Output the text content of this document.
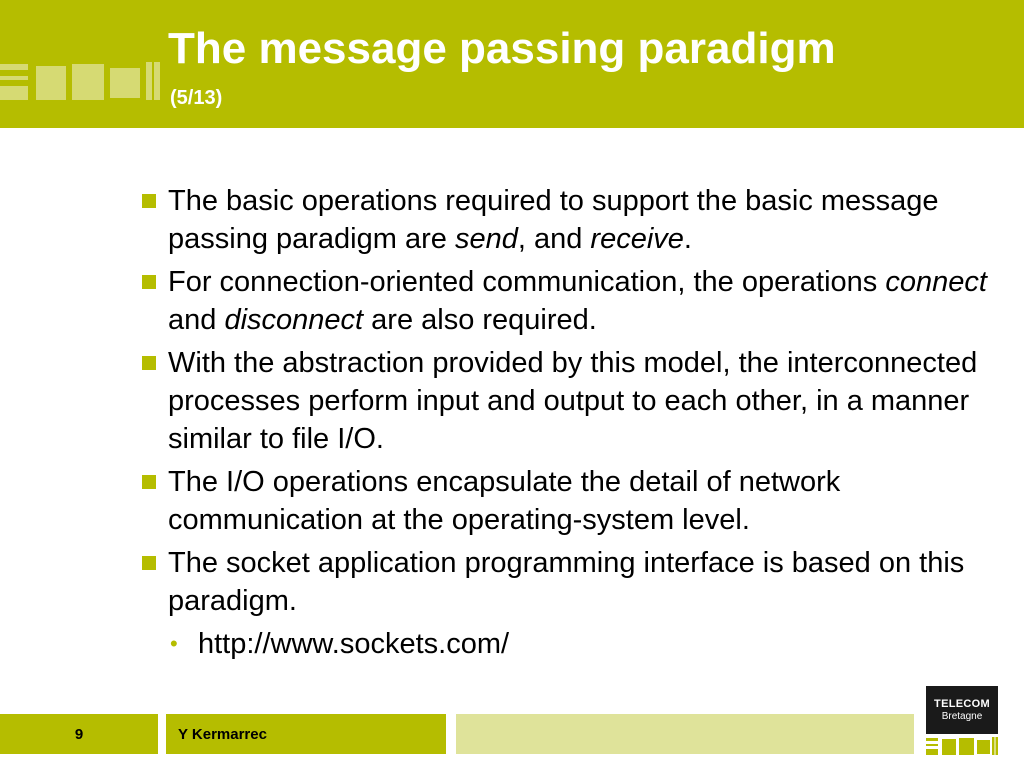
The message passing paradigm
(5/13)
The basic operations required to support the basic message passing paradigm are send, and receive.
For connection-oriented communication, the operations connect and disconnect are also required.
With the abstraction provided by this model, the interconnected processes perform input and output to each other, in a manner similar to file I/O.
The I/O operations encapsulate the detail of network communication at the operating-system level.
The socket application programming interface is based on this paradigm.
• http://www.sockets.com/
9	Y Kermarrec
TELECOM
Bretagne
